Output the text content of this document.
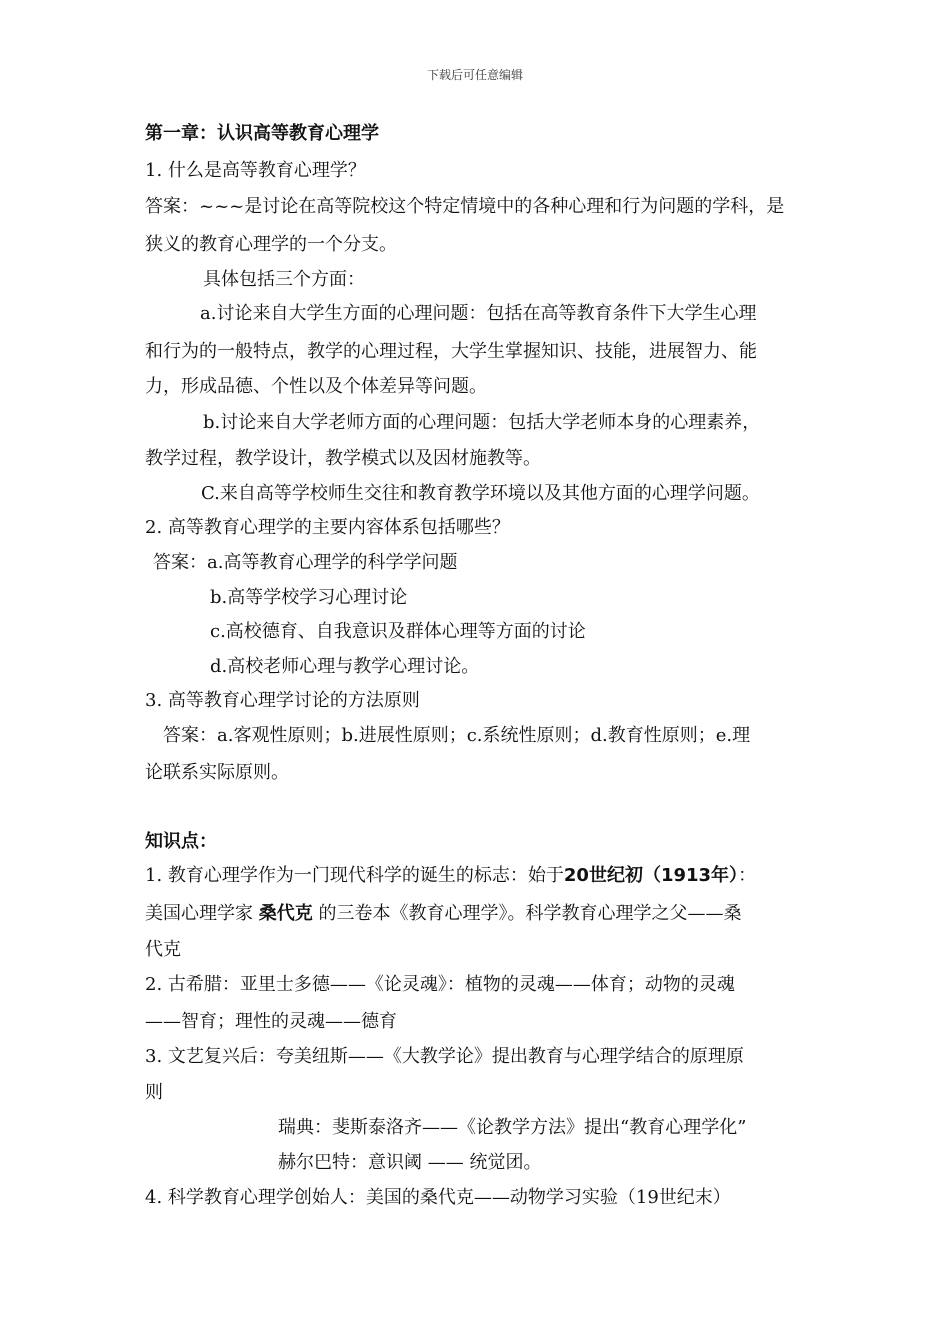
下载后可任意编辑
第一章：认识高等教育心理学
1. 什么是高等教育心理学？
答案：~~~是讨论在高等院校这个特定情境中的各种心理和行为问题的学科，是
狭义的教育心理学的一个分支。
具体包括三个方面：
a.讨论来自大学生方面的心理问题：包括在高等教育条件下大学生心理
和行为的一般特点，教学的心理过程，大学生掌握知识、技能，进展智力、能
力，形成品德、个性以及个体差异等问题。
b.讨论来自大学老师方面的心理问题：包括大学老师本身的心理素养，
教学过程，教学设计，教学模式以及因材施教等。
C.来自高等学校师生交往和教育教学环境以及其他方面的心理学问题。
2. 高等教育心理学的主要内容体系包括哪些？
答案：a.高等教育心理学的科学学问题
b.高等学校学习心理讨论
c.高校德育、自我意识及群体心理等方面的讨论
d.高校老师心理与教学心理讨论。
3. 高等教育心理学讨论的方法原则
答案：a.客观性原则；b.进展性原则；c.系统性原则；d.教育性原则；e.理
论联系实际原则。
知识点：
1. 教育心理学作为一门现代科学的诞生的标志：始于20世纪初（1913年）：
美国心理学家 桑代克 的三卷本《教育心理学》。科学教育心理学之父——桑
代克
2. 古希腊：亚里士多德——《论灵魂》：植物的灵魂——体育；动物的灵魂
——智育；理性的灵魂——德育
3. 文艺复兴后：夸美纽斯——《大教学论》提出教育与心理学结合的原理原
则
瑞典：斐斯泰洛齐——《论教学方法》提出“教育心理学化”
赫尔巴特：意识阈 —— 统觉团。
4. 科学教育心理学创始人：美国的桑代克——动物学习实验（19世纪末）
